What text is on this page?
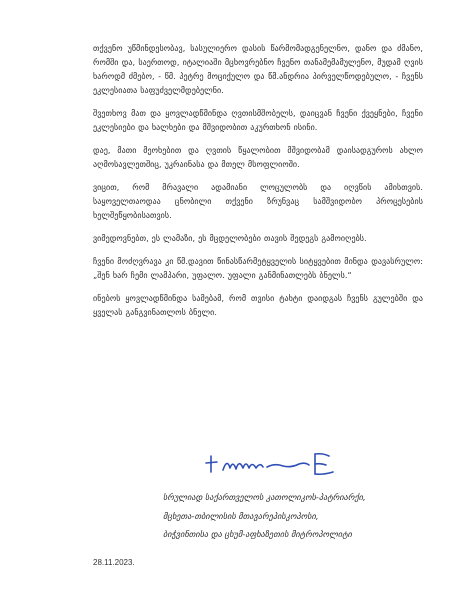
თქვენო უწმინდესობავ, სასულიერო დასის წარმომადგენელნო, დანო და ძმანო, რომში და, საერთოდ, იტალიაში მცხოვრებნო ჩვენო თანამემამულენო, მუდამ ღვის ხაროდმ ძმებო, - წმ. პეტრე მოციქულო და წმ.ანდრია პირველწოდებულო, - ჩვენს ეკლესიათა საფუძველმდებელნი.

შვეთხოვ მათ და ყოვლადწმინდა ღვთისმშობელს, დაიცვან ჩვენი ქვეყნები, ჩვენი ეკლესიები და ხალხები და მშვიდობით აკურთხონ ისინი.

დაე, მათი მეოხებით და ღვთის წყალობით მშვიდობამ დაისადგუროს ახლო აღმოსავლეთშიც, უკრაინასა და მთელ მსოფლიოში.

ვიცით, რომ მრავალი ადამიანი ლოცულობს და იღვწის ამისთვის. საყოველთაოდაა ცნობილი თქვენი ზრუნვაც სამშვიდობო პროცესების ხელშეწყობისათვის.

ვიმედოვნებთ, ეს ლამაზი, ეს მცდელობები თავის შედეგს გამოიღებს.

ჩვენი მოძღვრავა კი წმ.დავით წინასწარმეტყველის სიტყვებით მინდა დავასრულო: „შენ ხარ ჩემი ლამპარი, უფალო. უფალი განმინათლებს ბნელს.“

ინებოს ყოვლადწმინდა სამებამ, რომ თვისი ტახტი დაიდგას ჩვენს გულებში და ყველას განგვინათლოს ბნელი.

სრულიად საქართველოს კათოლიკოს-პატრიარქი,
მცხეთა-თბილისის მთავარეპისკოპოსი,
ბიჭვინთისა და ცხუმ-აფხაზეთის მიტროპოლიტი
28.11.2023.
